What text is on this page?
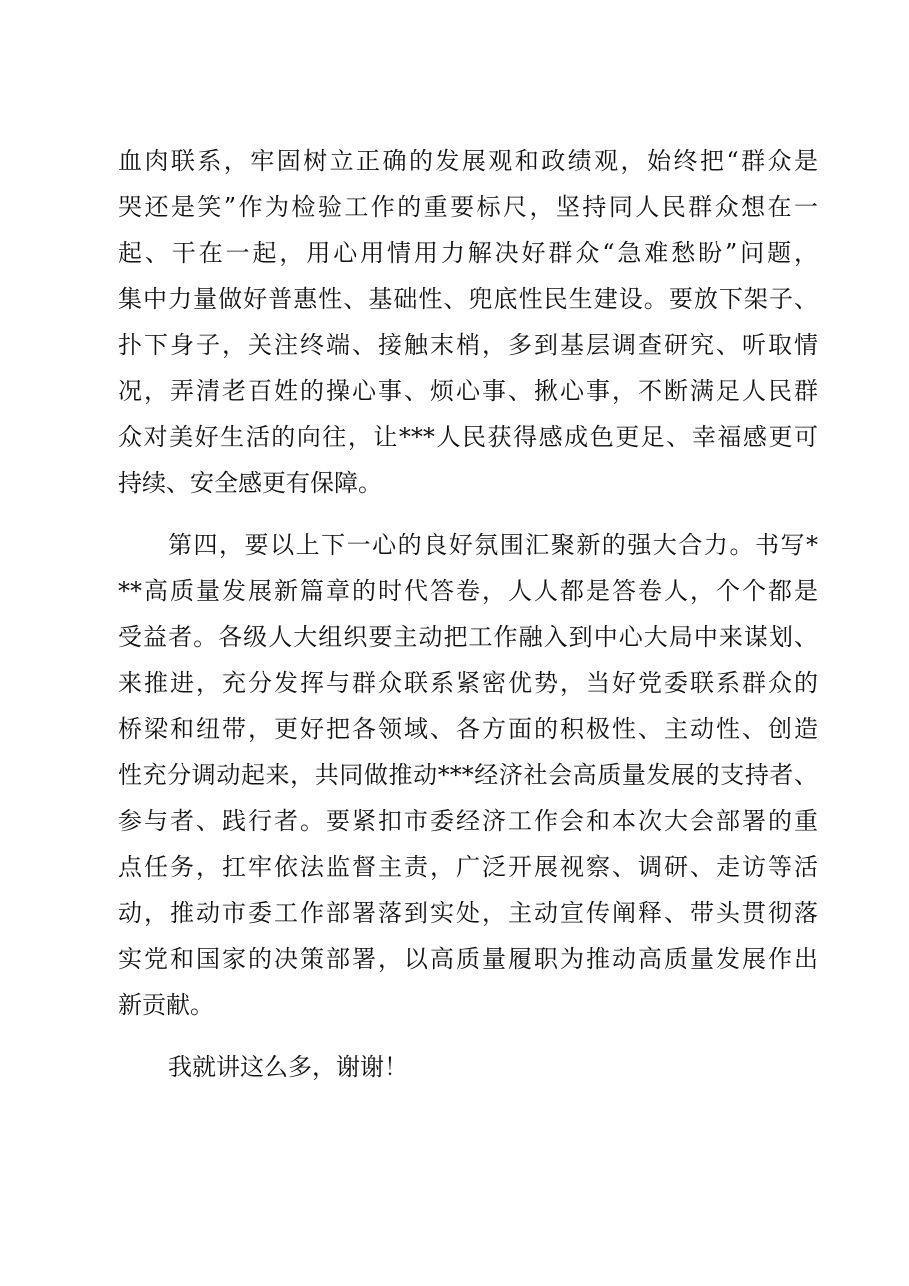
血肉联系，牢固树立正确的发展观和政绩观，始终把“群众是
哭还是笑”作为检验工作的重要标尺，坚持同人民群众想在一
起、干在一起，用心用情用力解决好群众“急难愁盼”问题，
集中力量做好普惠性、基础性、兜底性民生建设。要放下架子、
扑下身子，关注终端、接触末梢，多到基层调查研究、听取情
况，弄清老百姓的操心事、烦心事、揪心事，不断满足人民群
众对美好生活的向往，让***人民获得感成色更足、幸福感更可
持续、安全感更有保障。
第四，要以上下一心的良好氛围汇聚新的强大合力。书写*
**高质量发展新篇章的时代答卷，人人都是答卷人，个个都是
受益者。各级人大组织要主动把工作融入到中心大局中来谋划、
来推进，充分发挥与群众联系紧密优势，当好党委联系群众的
桥梁和纽带，更好把各领域、各方面的积极性、主动性、创造
性充分调动起来，共同做推动***经济社会高质量发展的支持者、
参与者、践行者。要紧扣市委经济工作会和本次大会部署的重
点任务，扛牢依法监督主责，广泛开展视察、调研、走访等活
动，推动市委工作部署落到实处，主动宣传阐释、带头贯彻落
实党和国家的决策部署，以高质量履职为推动高质量发展作出
新贡献。
我就讲这么多，谢谢！
